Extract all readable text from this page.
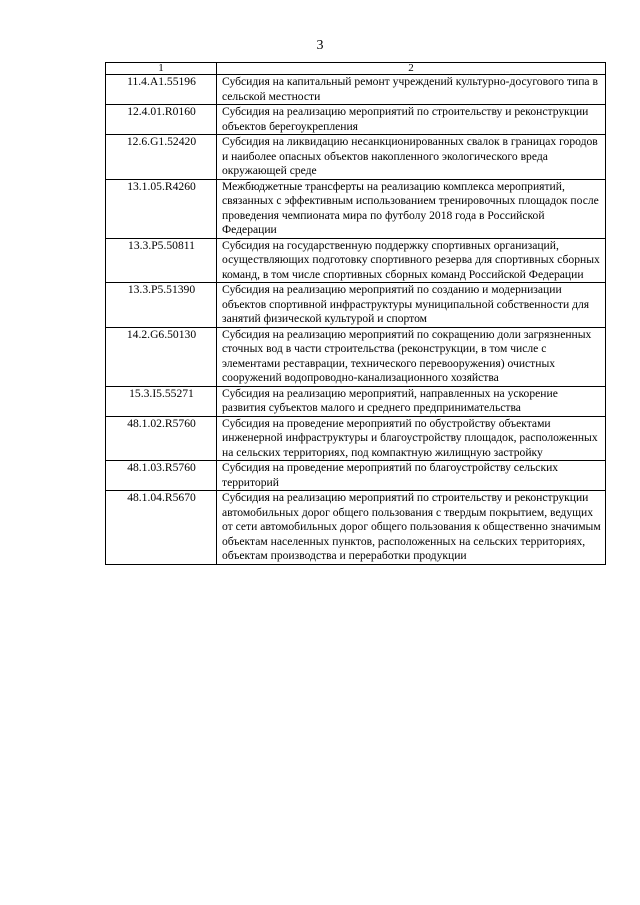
3
1	2
11.4.A1.55196	Субсидия на капитальный ремонт учреждений культурно-досугового типа в сельской местности
12.4.01.R0160	Субсидия на реализацию мероприятий по строительству и реконструкции объектов берегоукрепления
12.6.G1.52420	Субсидия на ликвидацию несанкционированных свалок в границах городов и наиболее опасных объектов накопленного экологического вреда окружающей среде
13.1.05.R4260	Межбюджетные трансферты на реализацию комплекса мероприятий, связанных с эффективным использованием тренировочных площадок после проведения чемпионата мира по футболу 2018 года в Российской Федерации
13.3.P5.50811	Субсидия на государственную поддержку спортивных организаций, осуществляющих подготовку спортивного резерва для спортивных сборных команд, в том числе спортивных сборных команд Российской Федерации
13.3.P5.51390	Субсидия на реализацию мероприятий по созданию и модернизации объектов спортивной инфраструктуры муниципальной собственности для занятий физической культурой и спортом
14.2.G6.50130	Субсидия на реализацию мероприятий по сокращению доли загрязненных сточных вод в части строительства (реконструкции, в том числе с элементами реставрации, технического перевооружения) очистных сооружений водопроводно-канализационного хозяйства
15.3.I5.55271	Субсидия на реализацию мероприятий, направленных на ускорение развития субъектов малого и среднего предпринимательства
48.1.02.R5760	Субсидия на проведение мероприятий по обустройству объектами инженерной инфраструктуры и благоустройству площадок, расположенных на сельских территориях, под компактную жилищную застройку
48.1.03.R5760	Субсидия на проведение мероприятий по благоустройству сельских территорий
48.1.04.R5670	Субсидия на реализацию мероприятий по строительству и реконструкции автомобильных дорог общего пользования с твердым покрытием, ведущих от сети автомобильных дорог общего пользования к общественно значимым объектам населенных пунктов, расположенных на сельских территориях, объектам производства и переработки продукции
